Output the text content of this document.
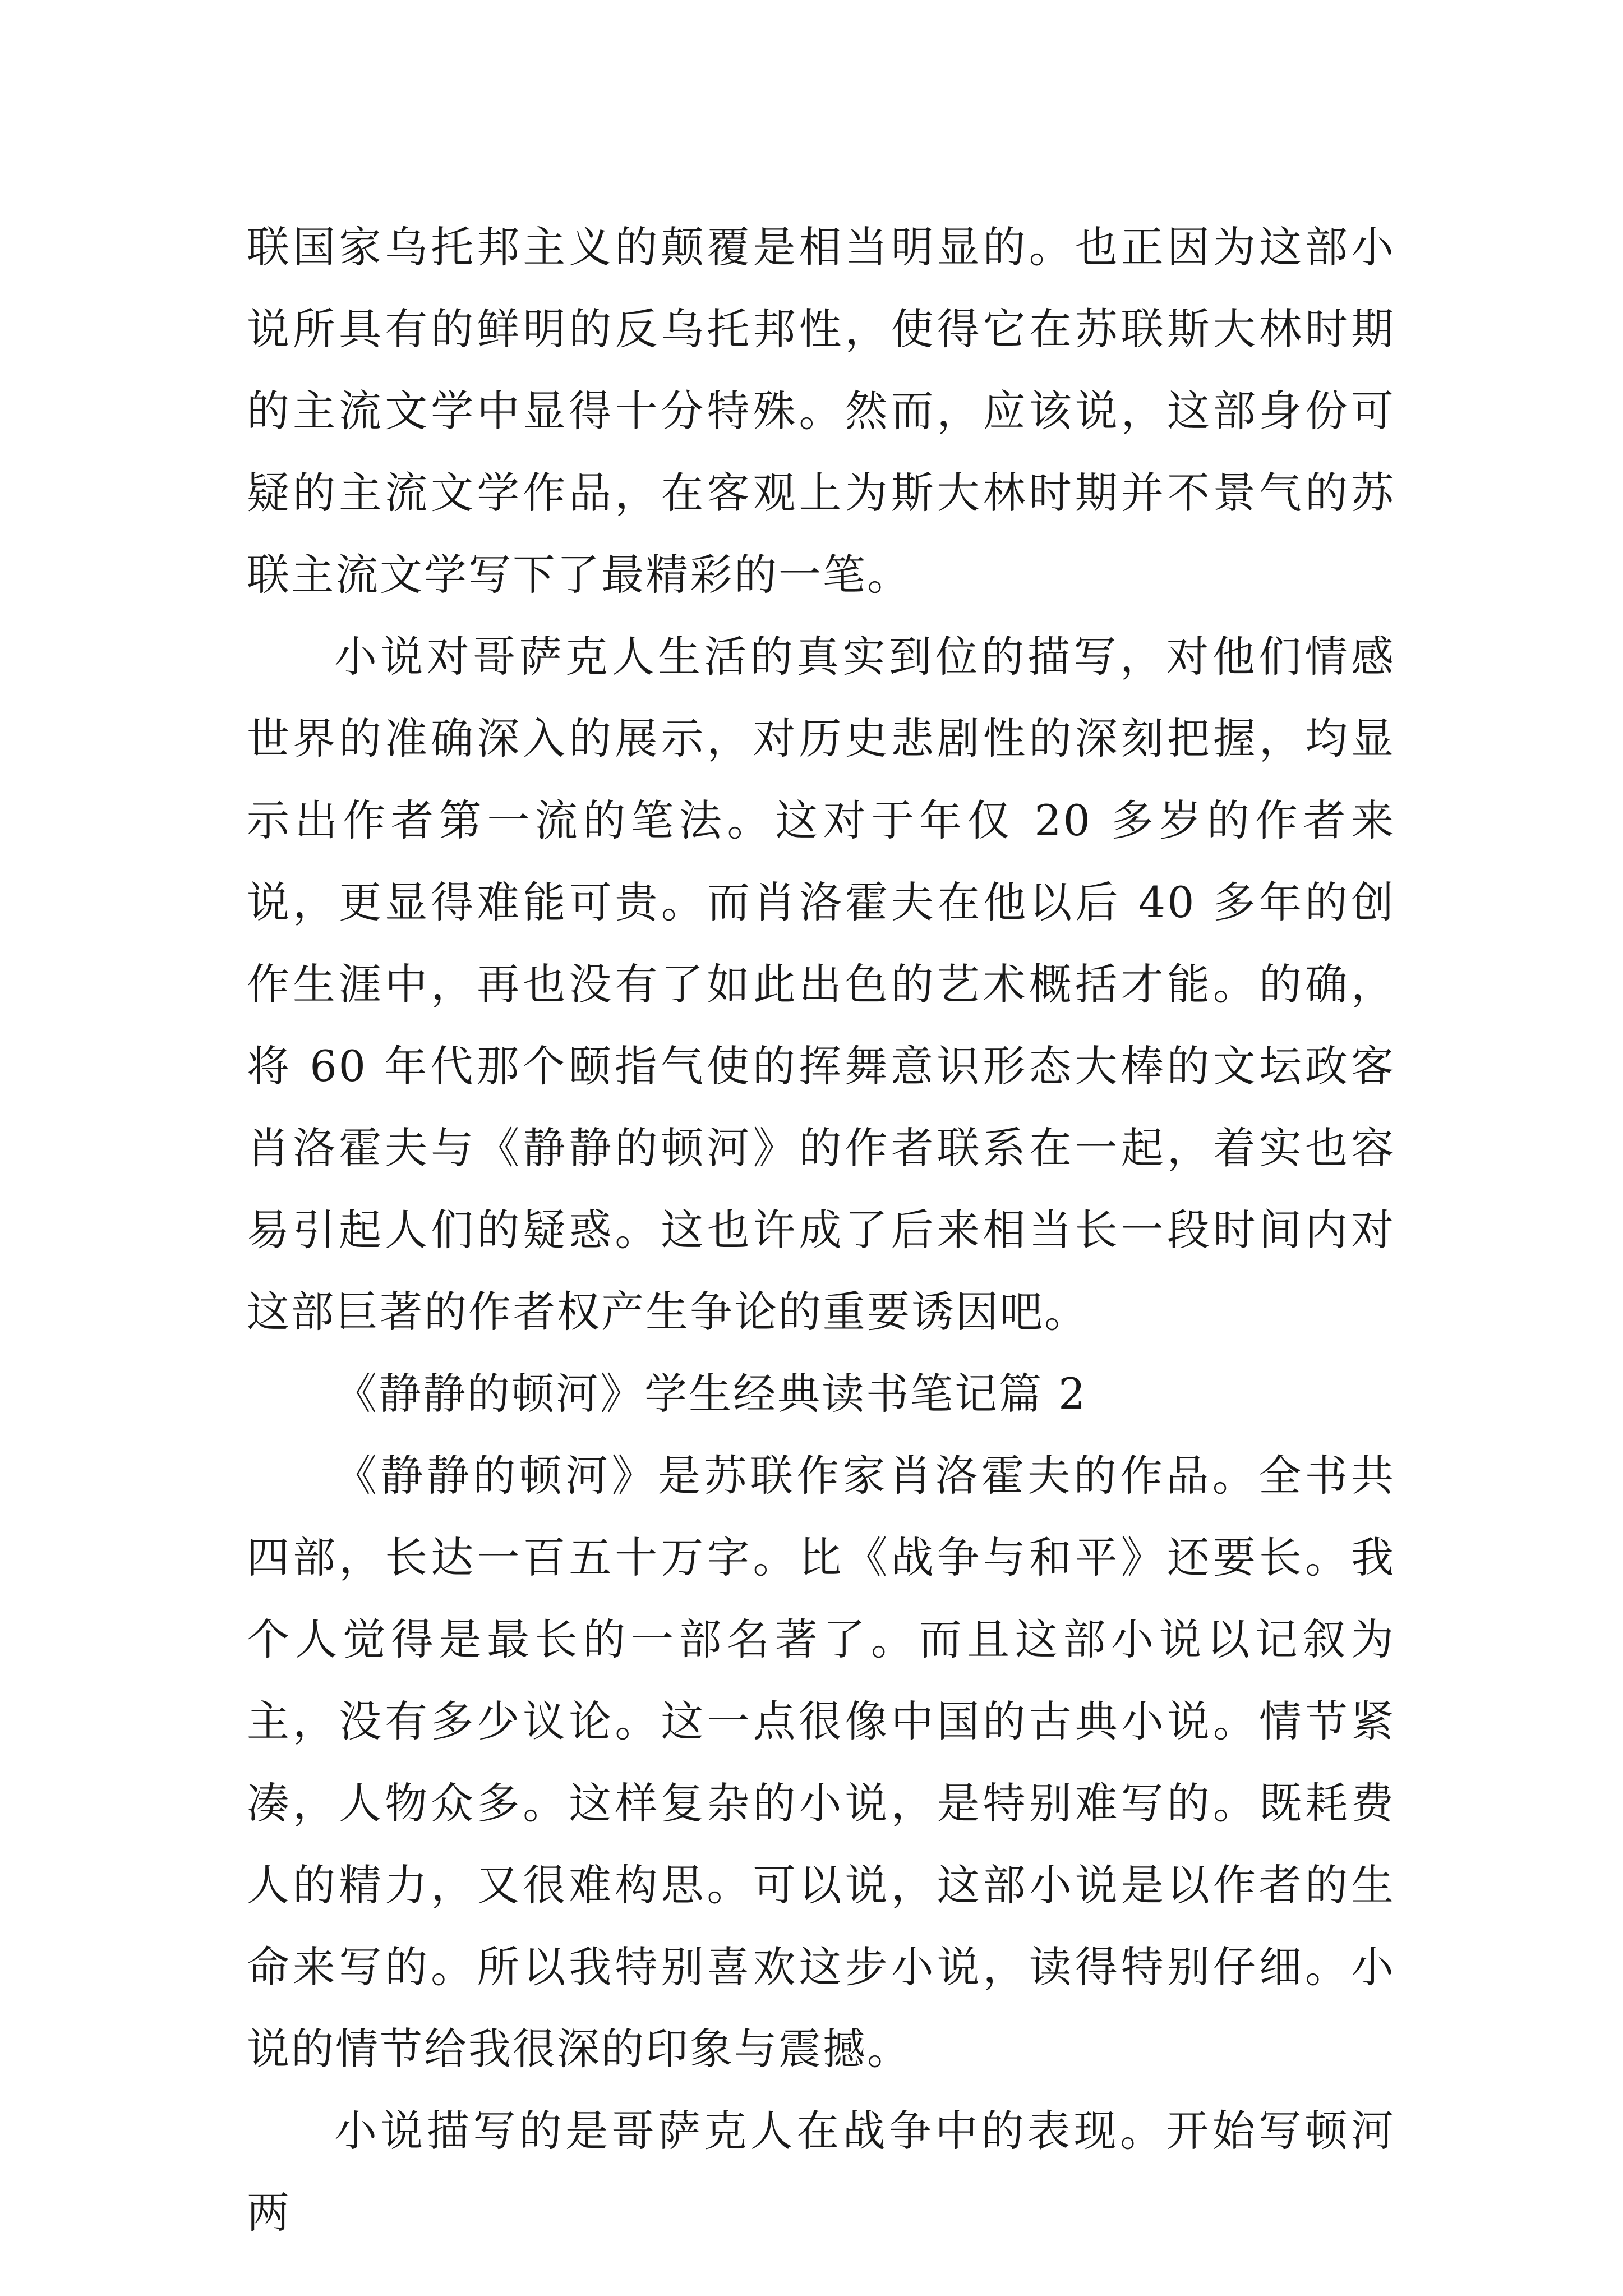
联国家乌托邦主义的颠覆是相当明显的。也正因为这部小说所具有的鲜明的反乌托邦性，使得它在苏联斯大林时期的主流文学中显得十分特殊。然而，应该说，这部身份可疑的主流文学作品，在客观上为斯大林时期并不景气的苏联主流文学写下了最精彩的一笔。

小说对哥萨克人生活的真实到位的描写，对他们情感世界的准确深入的展示，对历史悲剧性的深刻把握，均显示出作者第一流的笔法。这对于年仅 20 多岁的作者来说，更显得难能可贵。而肖洛霍夫在他以后 40 多年的创作生涯中，再也没有了如此出色的艺术概括才能。的确，将 60 年代那个颐指气使的挥舞意识形态大棒的文坛政客肖洛霍夫与《静静的顿河》的作者联系在一起，着实也容易引起人们的疑惑。这也许成了后来相当长一段时间内对这部巨著的作者权产生争论的重要诱因吧。

《静静的顿河》学生经典读书笔记篇 2

《静静的顿河》是苏联作家肖洛霍夫的作品。全书共四部，长达一百五十万字。比《战争与和平》还要长。我个人觉得是最长的一部名著了。而且这部小说以记叙为主，没有多少议论。这一点很像中国的古典小说。情节紧凑，人物众多。这样复杂的小说，是特别难写的。既耗费人的精力，又很难构思。可以说，这部小说是以作者的生命来写的。所以我特别喜欢这步小说，读得特别仔细。小说的情节给我很深的印象与震撼。

小说描写的是哥萨克人在战争中的表现。开始写顿河两
